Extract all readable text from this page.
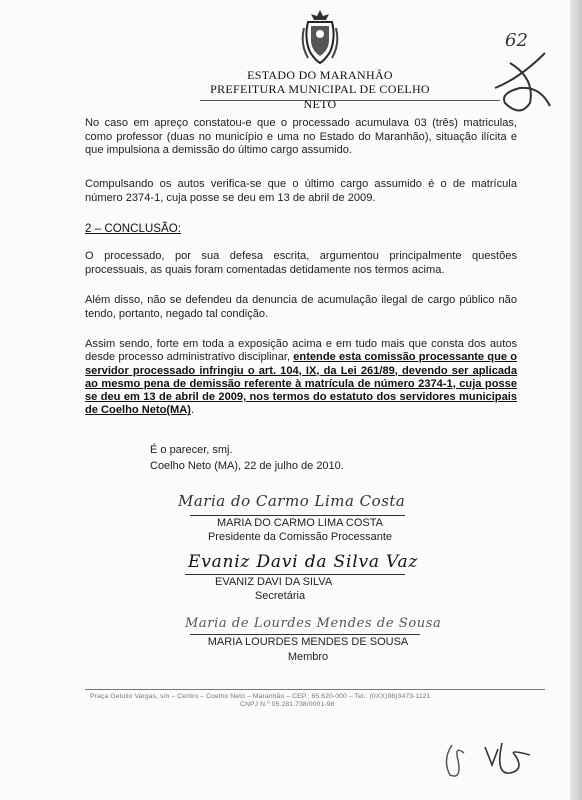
ESTADO DO MARANHÃO
PREFEITURA MUNICIPAL DE COELHO NETO
62

No caso em apreço constatou-e que o processado acumulava 03 (três) matriculas, como professor (duas no município e uma no Estado do Maranhão), situação ilícita e que impulsiona a demissão do último cargo assumido.

Compulsando os autos verifica-se que o último cargo assumido é o de matrícula número 2374-1, cuja posse se deu em 13 de abril de 2009.

2 – CONCLUSÃO:

O processado, por sua defesa escrita, argumentou principalmente questões processuais, as quais foram comentadas detidamente nos termos acima.

Além disso, não se defendeu da denuncia de acumulação ilegal de cargo público não tendo, portanto, negado tal condição.

Assim sendo, forte em toda a exposição acima e em tudo mais que consta dos autos desde processo administrativo disciplinar, entende esta comissão processante que o servidor processado infringiu o art. 104, IX, da Lei 261/89, devendo ser aplicada ao mesmo pena de demissão referente à matrícula de número 2374-1, cuja posse se deu em 13 de abril de 2009, nos termos do estatuto dos servidores municipais de Coelho Neto(MA).

É o parecer, smj.
Coelho Neto (MA), 22 de julho de 2010.
Maria do Carmo Lima Costa
MARIA DO CARMO LIMA COSTA
Presidente da Comissão Processante
Evaniz Davi da Silva Vaz
EVANIZ DAVI DA SILVA
Secretária
Maria de Lourdes Mendes de Sousa
MARIA LOURDES MENDES DE SOUSA
Membro
Praça Getulio Vargas, s/n – Centro – Coelho Neto – Maranhão – CEP.: 65.620-000 – Tel.: (0XX)98)3473-1121
CNPJ N.º 05.281.738/0001-98
